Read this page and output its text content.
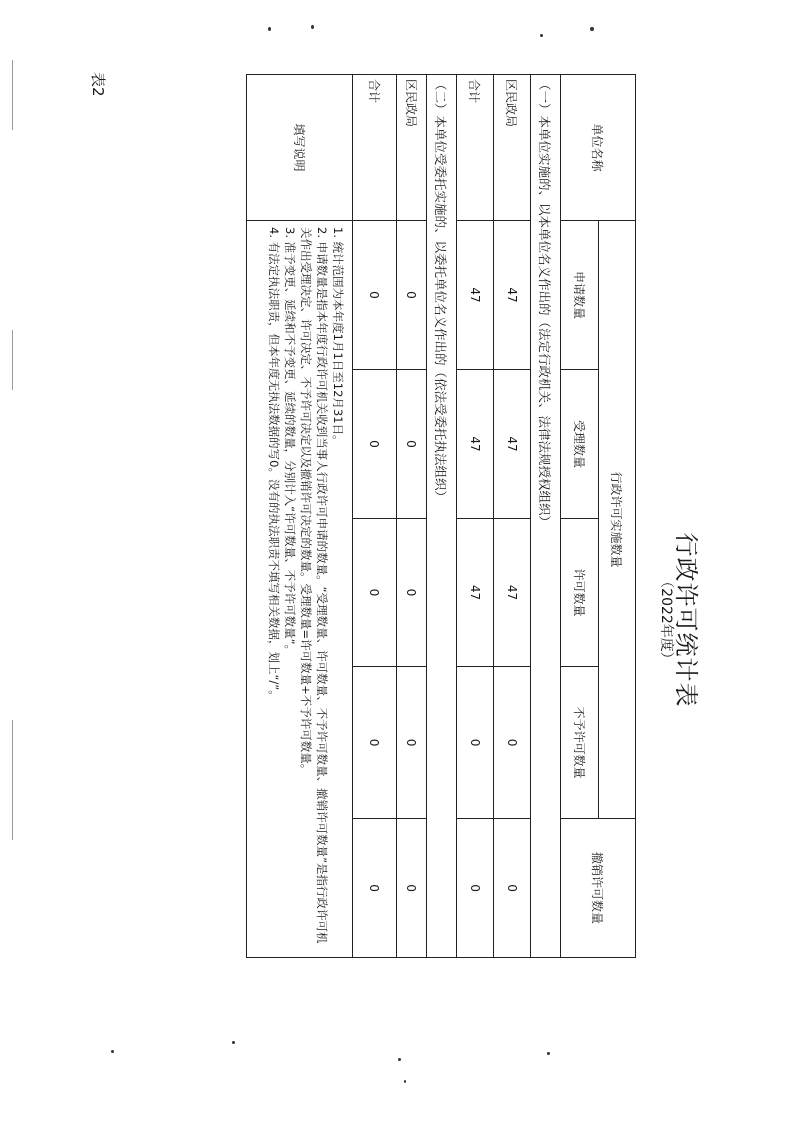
表2
行政许可统计表
（2022年度）
单位名称	行政许可实施数量				撤销许可数量
	申请数量	受理数量	许可数量	不予许可数量	
（一）本单位实施的、以本单位名义作出的（法定行政机关、法律法规授权组织）					
区民政局	47	47	47	0	0
合计	47	47	47	0	0
（二）本单位受委托实施的、以委托单位名义作出的（依法受委托执法组织）					
区民政局	0	0	0	0	0
合计	0	0	0	0	0
填写说明	1. 统计范围为本年度1月1日至12月31日。
2. 申请数量是指本年度行政许可机关收到当事人行政许可申请的数量。“受理数量、许可数量、不予许可数量、撤销许可数量”是指行政许可机关作出受理决定、许可决定、不予许可决定以及撤销许可决定的数量。受理数量=许可数量+不予许可数量。
3. 准予变更、延续和不予变更、延续的数量，分别计入“许可数量、不予许可数量”。
4. 有法定执法职责，但本年度无执法数据的写0。没有的执法职责不填写相关数据，划上“/”。				
